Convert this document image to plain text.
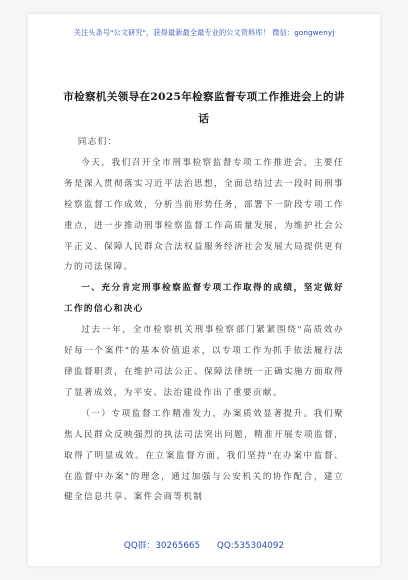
关注头条号"公文研究"，获得最新最全最专业的公文资料库！ 微信：gongwenyj
市检察机关领导在2025年检察监督专项工作推进会上的讲话

同志们：

今天，我们召开全市刑事检察监督专项工作推进会，主要任务是深入贯彻落实习近平法治思想，全面总结过去一段时间刑事检察监督工作成效，分析当前形势任务，部署下一阶段专项工作重点，进一步推动刑事检察监督工作高质量发展，为维护社会公平正义、保障人民群众合法权益服务经济社会发展大局提供更有力的司法保障。

一、充分肯定刑事检察监督专项工作取得的成绩，坚定做好工作的信心和决心

过去一年，全市检察机关刑事检察部门紧紧围绕"高质效办好每一个案件"的基本价值追求，以专项工作为抓手依法履行法律监督职责，在维护司法公正、保障法律统一正确实施方面取得了显著成效，为平安、法治建设作出了重要贡献。

（一）专项监督工作精准发力，办案质效显著提升。我们聚焦人民群众反映强烈的执法司法突出问题，精准开展专项监督，取得了明显成效。在立案监督方面，我们坚持"在办案中监督、在监督中办案"的理念，通过加强与公安机关的协作配合，建立健全信息共享、案件会商等机制

QQ群：30265665 QQ:535304092
